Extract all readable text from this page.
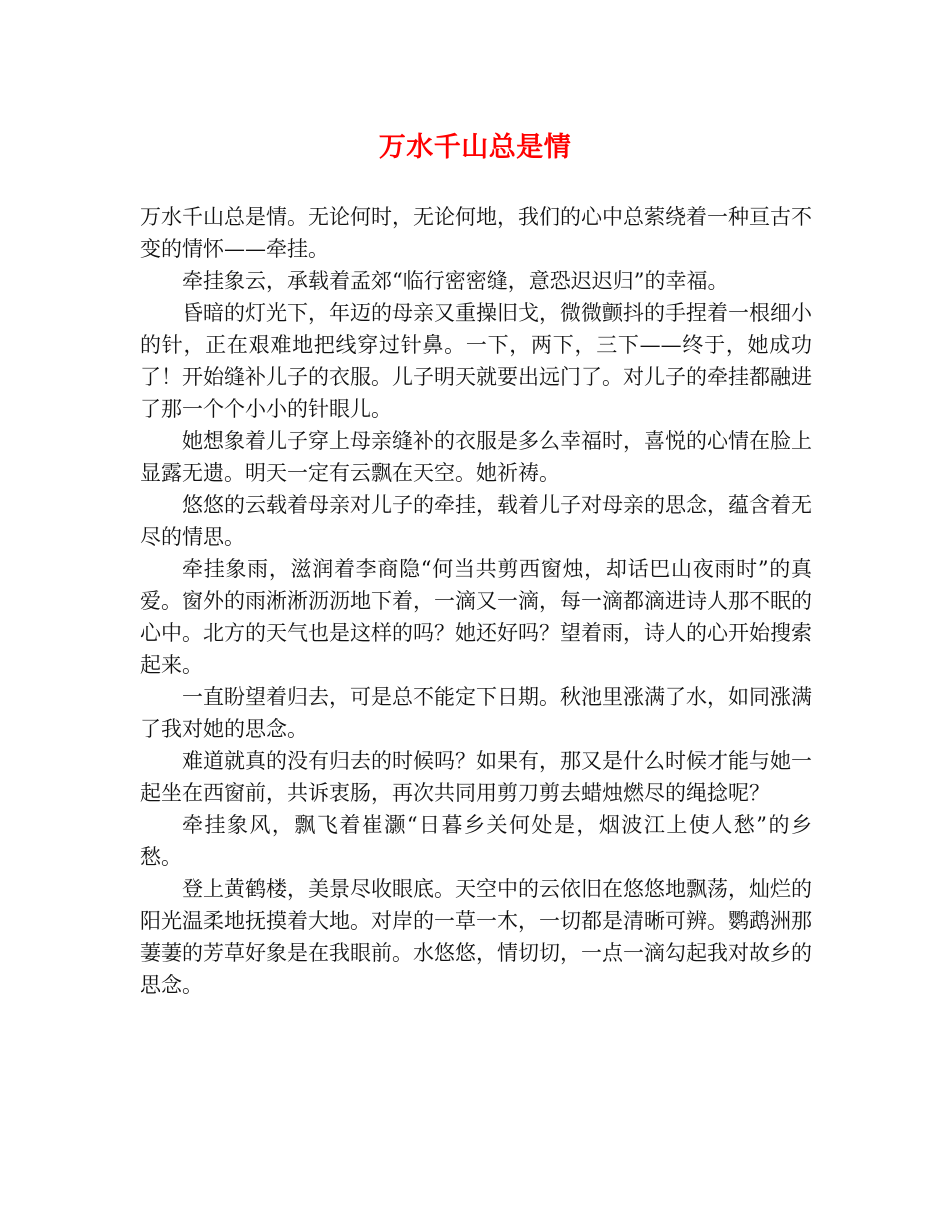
万水千山总是情

万水千山总是情。无论何时，无论何地，我们的心中总萦绕着一种亘古不变的情怀——牵挂。

牵挂象云，承载着孟郊“临行密密缝，意恐迟迟归”的幸福。

昏暗的灯光下，年迈的母亲又重操旧戈，微微颤抖的手捏着一根细小的针，正在艰难地把线穿过针鼻。一下，两下，三下——终于，她成功了！开始缝补儿子的衣服。儿子明天就要出远门了。对儿子的牵挂都融进了那一个个小小的针眼儿。

她想象着儿子穿上母亲缝补的衣服是多么幸福时，喜悦的心情在脸上显露无遗。明天一定有云飘在天空。她祈祷。

悠悠的云载着母亲对儿子的牵挂，载着儿子对母亲的思念，蕴含着无尽的情思。

牵挂象雨，滋润着李商隐“何当共剪西窗烛，却话巴山夜雨时”的真爱。窗外的雨淅淅沥沥地下着，一滴又一滴，每一滴都滴进诗人那不眠的心中。北方的天气也是这样的吗？她还好吗？望着雨，诗人的心开始搜索起来。

一直盼望着归去，可是总不能定下日期。秋池里涨满了水，如同涨满了我对她的思念。

难道就真的没有归去的时候吗？如果有，那又是什么时候才能与她一起坐在西窗前，共诉衷肠，再次共同用剪刀剪去蜡烛燃尽的绳捻呢？

牵挂象风，飘飞着崔灏“日暮乡关何处是，烟波江上使人愁”的乡愁。

登上黄鹤楼，美景尽收眼底。天空中的云依旧在悠悠地飘荡，灿烂的阳光温柔地抚摸着大地。对岸的一草一木，一切都是清晰可辨。鹦鹉洲那萋萋的芳草好象是在我眼前。水悠悠，情切切，一点一滴勾起我对故乡的思念。
